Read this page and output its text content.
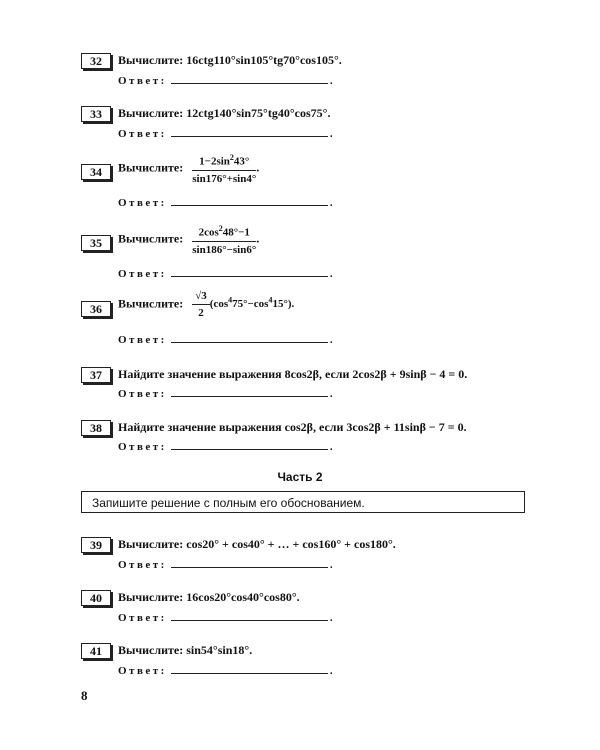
32	Вычислите: 16ctg110°sin105°tg70°cos105°.
Ответ:	.
33	Вычислите: 12ctg140°sin75°tg40°cos75°.
Ответ:	.
34	Вычислите: $\frac{1-2\sin^243^\circ}{\sin 176^\circ+\sin 4^\circ}$ .
Ответ:	.
35	Вычислите: $\frac{2\cos^248^\circ-1}{\sin 186^\circ-\sin 6^\circ}$ .
Ответ:	.
36	Вычислите: $\frac{√3}{2} (\cos^475^\circ-\cos^415^\circ)$.
Ответ:	.
37	Найдите значение выражения 8cos2β, если 2cos2β + 9sinβ − 4 = 0.
Ответ:	.
38	Найдите значение выражения cos2β, если 3cos2β + 11sinβ − 7 = 0.
Ответ:	.
Часть 2
Запишите решение с полным его обоснованием.
39	Вычислите: cos20° + cos40° + … + cos160° + cos180°.
Ответ:	.
40	Вычислите: 16cos20°cos40°cos80°.
Ответ:	.
41	Вычислите: sin54°sin18°.
Ответ:	.
8
